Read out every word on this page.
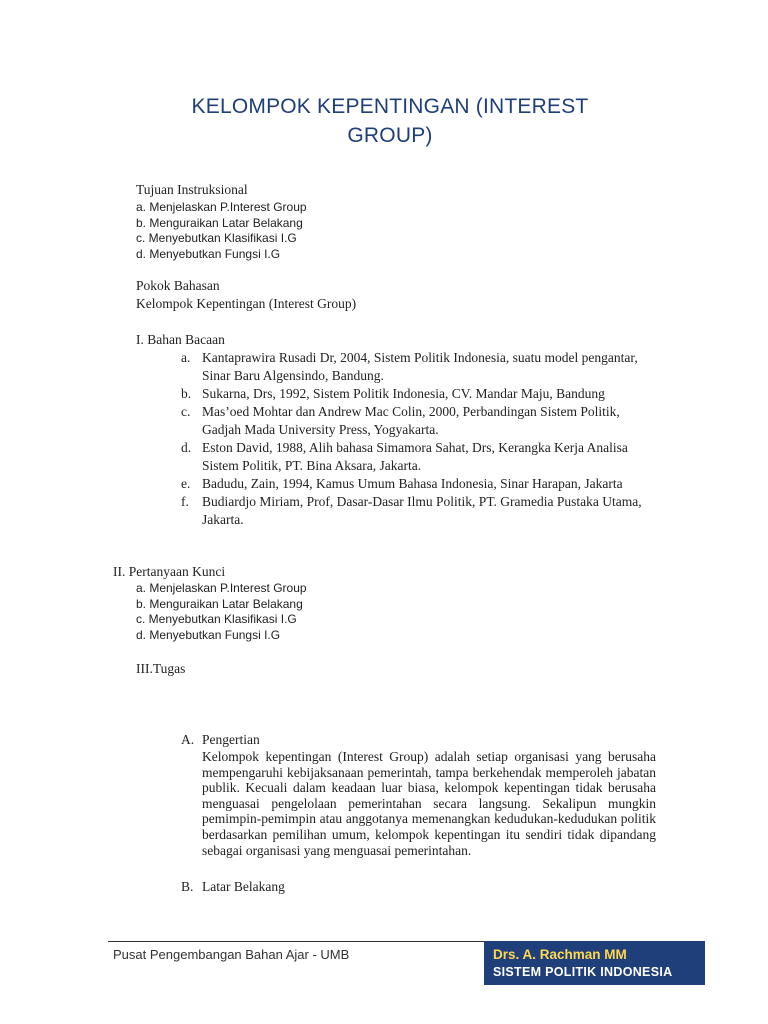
KELOMPOK KEPENTINGAN (INTEREST GROUP)
Tujuan Instruksional
a. Menjelaskan P.Interest Group
b. Menguraikan Latar Belakang
c. Menyebutkan Klasifikasi I.G
d. Menyebutkan Fungsi I.G
Pokok Bahasan
Kelompok Kepentingan (Interest Group)
I. Bahan Bacaan
a. Kantaprawira Rusadi Dr, 2004, Sistem Politik Indonesia, suatu model pengantar, Sinar Baru Algensindo, Bandung.
b. Sukarna, Drs, 1992, Sistem Politik Indonesia, CV. Mandar Maju, Bandung
c. Mas’oed Mohtar dan Andrew Mac Colin, 2000, Perbandingan Sistem Politik, Gadjah Mada University Press, Yogyakarta.
d. Eston David, 1988, Alih bahasa Simamora Sahat, Drs, Kerangka Kerja Analisa Sistem Politik, PT. Bina Aksara, Jakarta.
e. Badudu, Zain, 1994, Kamus Umum Bahasa Indonesia, Sinar Harapan, Jakarta
f. Budiardjo Miriam, Prof, Dasar-Dasar Ilmu Politik, PT. Gramedia Pustaka Utama, Jakarta.
II. Pertanyaan Kunci
a. Menjelaskan P.Interest Group
b. Menguraikan Latar Belakang
c. Menyebutkan Klasifikasi I.G
d. Menyebutkan Fungsi I.G
III.Tugas
A. Pengertian
Kelompok kepentingan (Interest Group) adalah setiap organisasi yang berusaha mempengaruhi kebijaksanaan pemerintah, tampa berkehendak memperoleh jabatan publik. Kecuali dalam keadaan luar biasa, kelompok kepentingan tidak berusaha menguasai pengelolaan pemerintahan secara langsung. Sekalipun mungkin pemimpin-pemimpin atau anggotanya memenangkan kedudukan-kedudukan politik berdasarkan pemilihan umum, kelompok kepentingan itu sendiri tidak dipandang sebagai organisasi yang menguasai pemerintahan.
B. Latar Belakang
Pusat Pengembangan Bahan Ajar - UMB	Drs. A. Rachman MM
SISTEM POLITIK INDONESIA
